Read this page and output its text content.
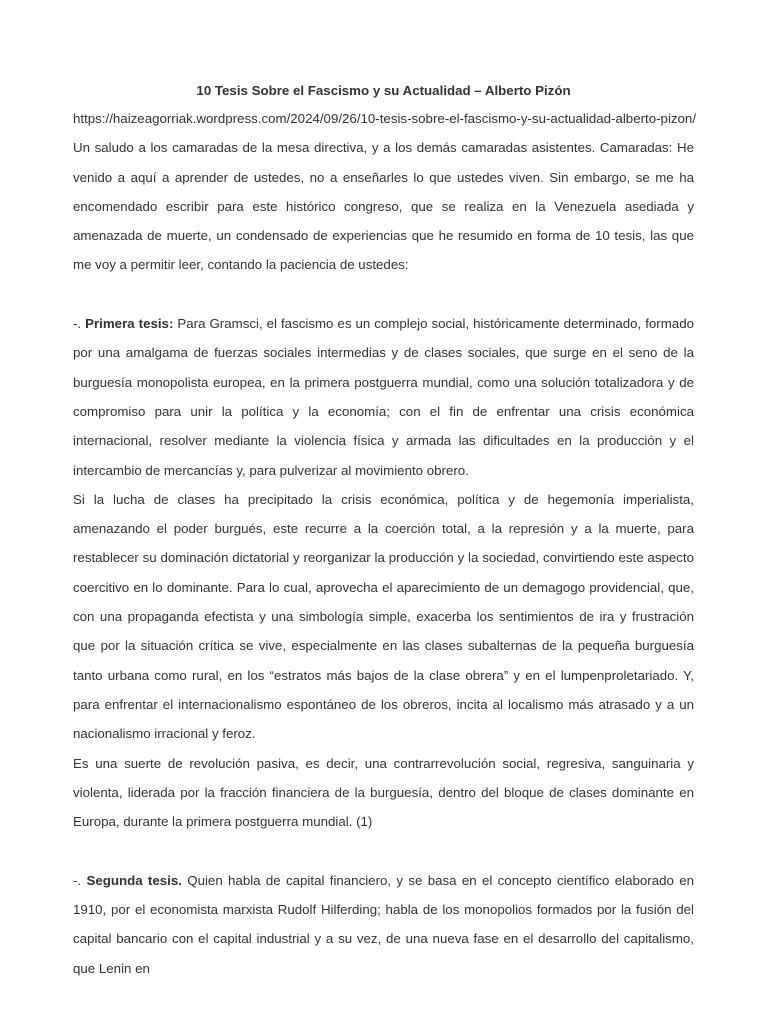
10 Tesis Sobre el Fascismo y su Actualidad – Alberto Pizón

https://haizeagorriak.wordpress.com/2024/09/26/10-tesis-sobre-el-fascismo-y-su-actualidad-alberto-pizon/

Un saludo a los camaradas de la mesa directiva, y a los demás camaradas asistentes. Camaradas: He venido a aquí a aprender de ustedes, no a enseñarles lo que ustedes viven. Sin embargo, se me ha encomendado escribir para este histórico congreso, que se realiza en la Venezuela asediada y amenazada de muerte, un condensado de experiencias que he resumido en forma de 10 tesis, las que me voy a permitir leer, contando la paciencia de ustedes:

-. Primera tesis: Para Gramsci, el fascismo es un complejo social, históricamente determinado, formado por una amalgama de fuerzas sociales intermedias y de clases sociales, que surge en el seno de la burguesía monopolista europea, en la primera postguerra mundial, como una solución totalizadora y de compromiso para unir la política y la economía; con el fin de enfrentar una crisis económica internacional, resolver mediante la violencia física y armada las dificultades en la producción y el intercambio de mercancías y, para pulverizar al movimiento obrero.

Si la lucha de clases ha precipitado la crisis económica, política y de hegemonía imperialista, amenazando el poder burgués, este recurre a la coerción total, a la represión y a la muerte, para restablecer su dominación dictatorial y reorganizar la producción y la sociedad, convirtiendo este aspecto coercitivo en lo dominante. Para lo cual, aprovecha el aparecimiento de un demagogo providencial, que, con una propaganda efectista y una simbología simple, exacerba los sentimientos de ira y frustración que por la situación crítica se vive, especialmente en las clases subalternas de la pequeña burguesía tanto urbana como rural, en los “estratos más bajos de la clase obrera” y en el lumpenproletariado. Y, para enfrentar el internacionalismo espontáneo de los obreros, incita al localismo más atrasado y a un nacionalismo irracional y feroz.

Es una suerte de revolución pasiva, es decir, una contrarrevolución social, regresiva, sanguinaria y violenta, liderada por la fracción financiera de la burguesía, dentro del bloque de clases dominante en Europa, durante la primera postguerra mundial. (1)

-. Segunda tesis. Quien habla de capital financiero, y se basa en el concepto científico elaborado en 1910, por el economista marxista Rudolf Hilferding; habla de los monopolios formados por la fusión del capital bancario con el capital industrial y a su vez, de una nueva fase en el desarrollo del capitalismo, que Lenin en
